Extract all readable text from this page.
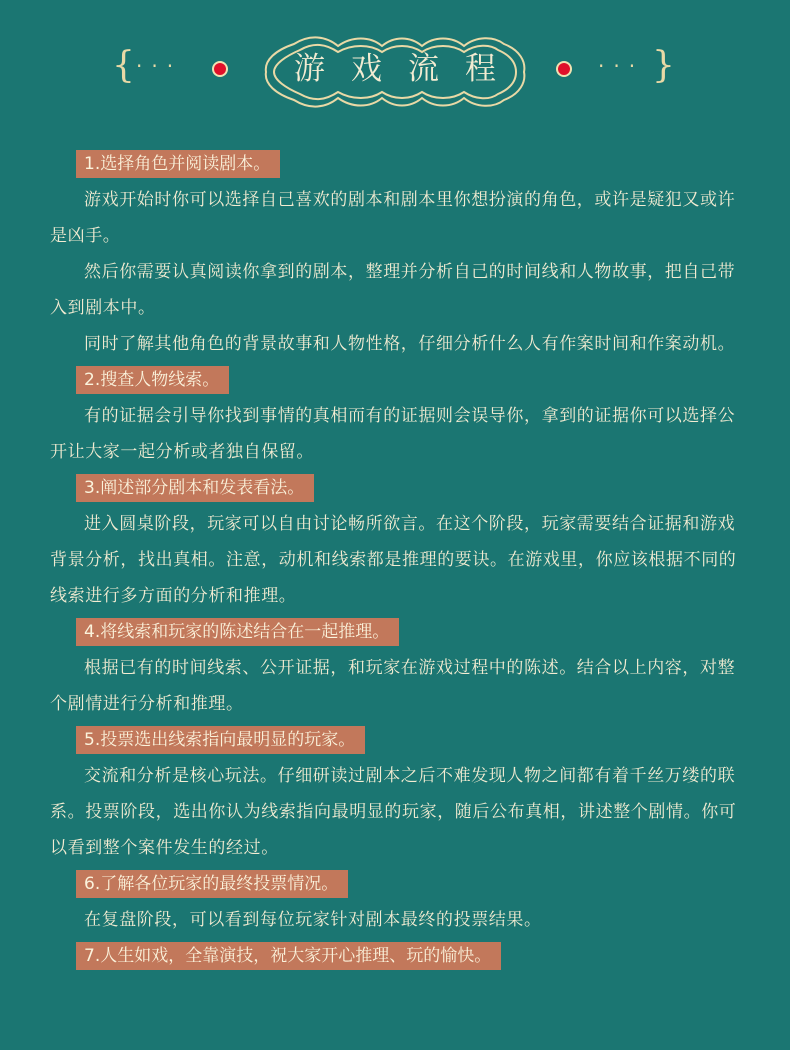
{ ···	游戏流程	··· }
1.选择角色并阅读剧本。

游戏开始时你可以选择自己喜欢的剧本和剧本里你想扮演的角色，或许是疑犯又或许是凶手。

然后你需要认真阅读你拿到的剧本，整理并分析自己的时间线和人物故事，把自己带入到剧本中。

同时了解其他角色的背景故事和人物性格，仔细分析什么人有作案时间和作案动机。

2.搜查人物线索。

有的证据会引导你找到事情的真相而有的证据则会误导你，拿到的证据你可以选择公开让大家一起分析或者独自保留。

3.阐述部分剧本和发表看法。

进入圆桌阶段，玩家可以自由讨论畅所欲言。在这个阶段，玩家需要结合证据和游戏背景分析，找出真相。注意，动机和线索都是推理的要诀。在游戏里，你应该根据不同的线索进行多方面的分析和推理。

4.将线索和玩家的陈述结合在一起推理。

根据已有的时间线索、公开证据，和玩家在游戏过程中的陈述。结合以上内容，对整个剧情进行分析和推理。

5.投票选出线索指向最明显的玩家。

交流和分析是核心玩法。仔细研读过剧本之后不难发现人物之间都有着千丝万缕的联系。投票阶段，选出你认为线索指向最明显的玩家，随后公布真相，讲述整个剧情。你可以看到整个案件发生的经过。

6.了解各位玩家的最终投票情况。

在复盘阶段，可以看到每位玩家针对剧本最终的投票结果。

7.人生如戏，全靠演技，祝大家开心推理、玩的愉快。
